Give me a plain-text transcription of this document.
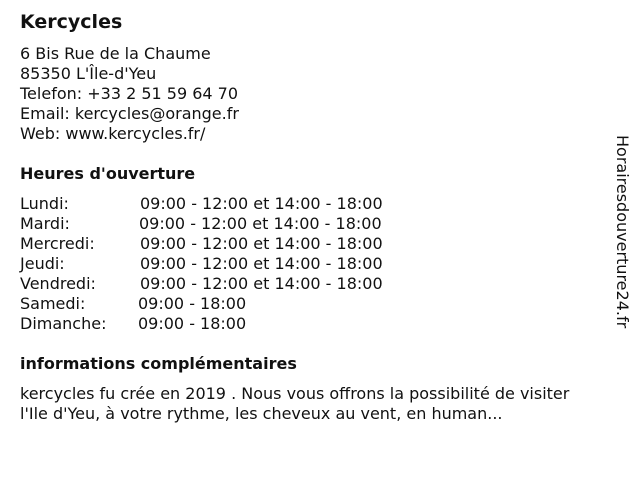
Kercycles
6 Bis Rue de la Chaume
85350 L'Île-d'Yeu
Telefon: +33 2 51 59 64 70
Email: kercycles@orange.fr
Web: www.kercycles.fr/
Heures d'ouverture
Lundi:	09:00 - 12:00 et 14:00 - 18:00
Mardi:	09:00 - 12:00 et 14:00 - 18:00
Mercredi:	09:00 - 12:00 et 14:00 - 18:00
Jeudi:	09:00 - 12:00 et 14:00 - 18:00
Vendredi:	09:00 - 12:00 et 14:00 - 18:00
Samedi:	09:00 - 18:00
Dimanche: 09:00 - 18:00
informations complémentaires
kercycles fu crée en 2019 . Nous vous offrons la possibilité de visiter l'Ile d'Yeu, à votre rythme, les cheveux au vent, en human...
Horairesdouverture24.fr
